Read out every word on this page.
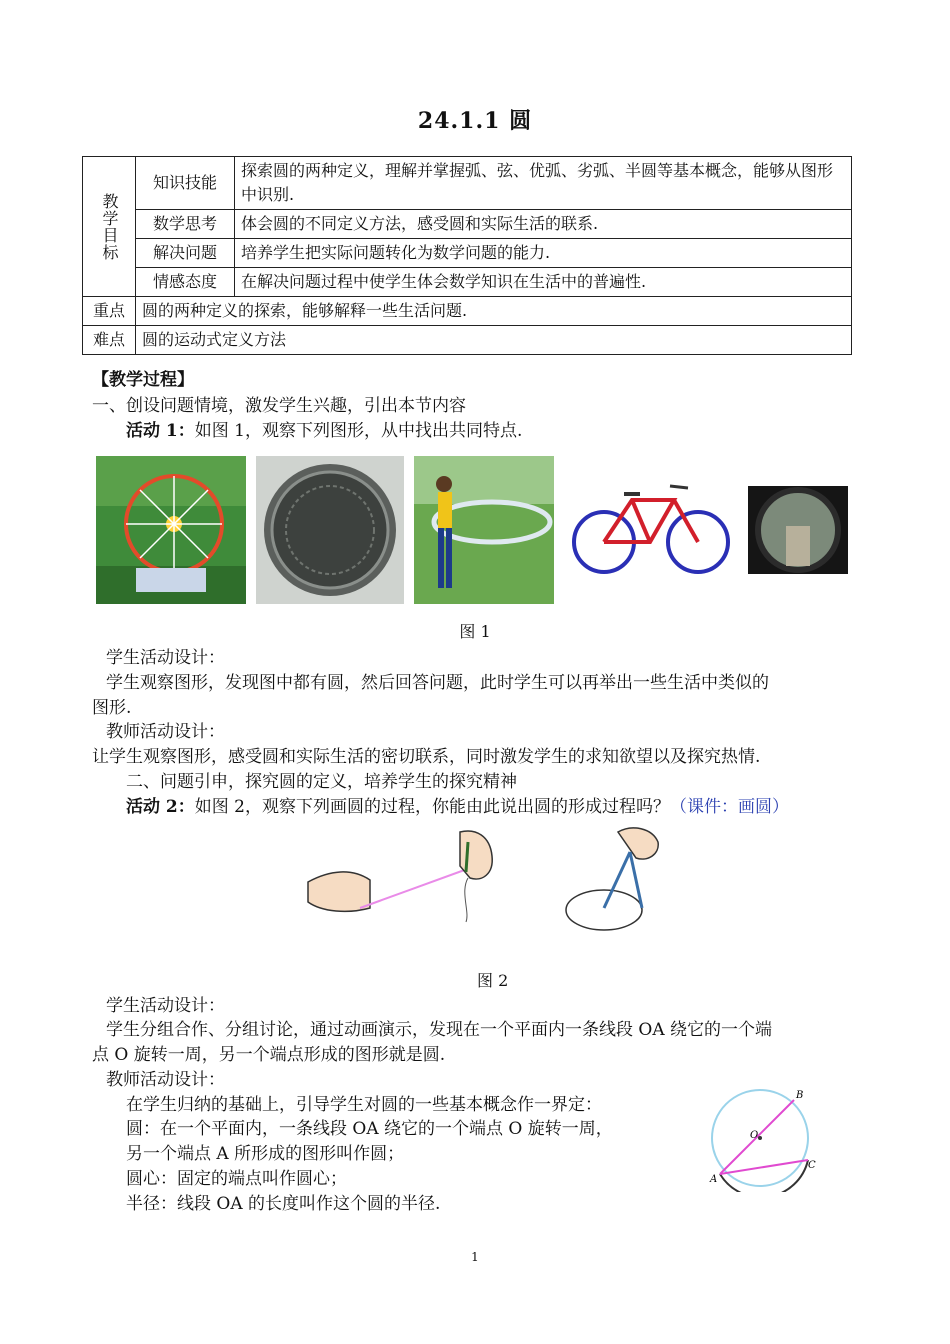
24.1.1 圆
教学目标	知识技能	探索圆的两种定义，理解并掌握弧、弦、优弧、劣弧、半圆等基本概念，能够从图形中识别.
	数学思考	体会圆的不同定义方法，感受圆和实际生活的联系.
	解决问题	培养学生把实际问题转化为数学问题的能力.
	情感态度	在解决问题过程中使学生体会数学知识在生活中的普遍性.
重点	圆的两种定义的探索，能够解释一些生活问题.	
难点	圆的运动式定义方法	
【教学过程】
一、创设问题情境，激发学生兴趣，引出本节内容
活动 1：如图 1，观察下列图形，从中找出共同特点.
图 1
学生活动设计：
学生观察图形，发现图中都有圆，然后回答问题，此时学生可以再举出一些生活中类似的
图形.
教师活动设计：
让学生观察图形，感受圆和实际生活的密切联系，同时激发学生的求知欲望以及探究热情.
二、问题引申，探究圆的定义，培养学生的探究精神
活动 2：如图 2，观察下列画圆的过程，你能由此说出圆的形成过程吗？（课件：画圆）
图 2
学生活动设计：
学生分组合作、分组讨论，通过动画演示，发现在一个平面内一条线段 OA 绕它的一个端
点 O 旋转一周，另一个端点形成的图形就是圆.
教师活动设计：
在学生归纳的基础上，引导学生对圆的一些基本概念作一界定：
圆：在一个平面内，一条线段 OA 绕它的一个端点 O 旋转一周，
另一个端点 A 所形成的图形叫作圆；
圆心：固定的端点叫作圆心；
半径：线段 OA 的长度叫作这个圆的半径.
O
B
C
A
1
